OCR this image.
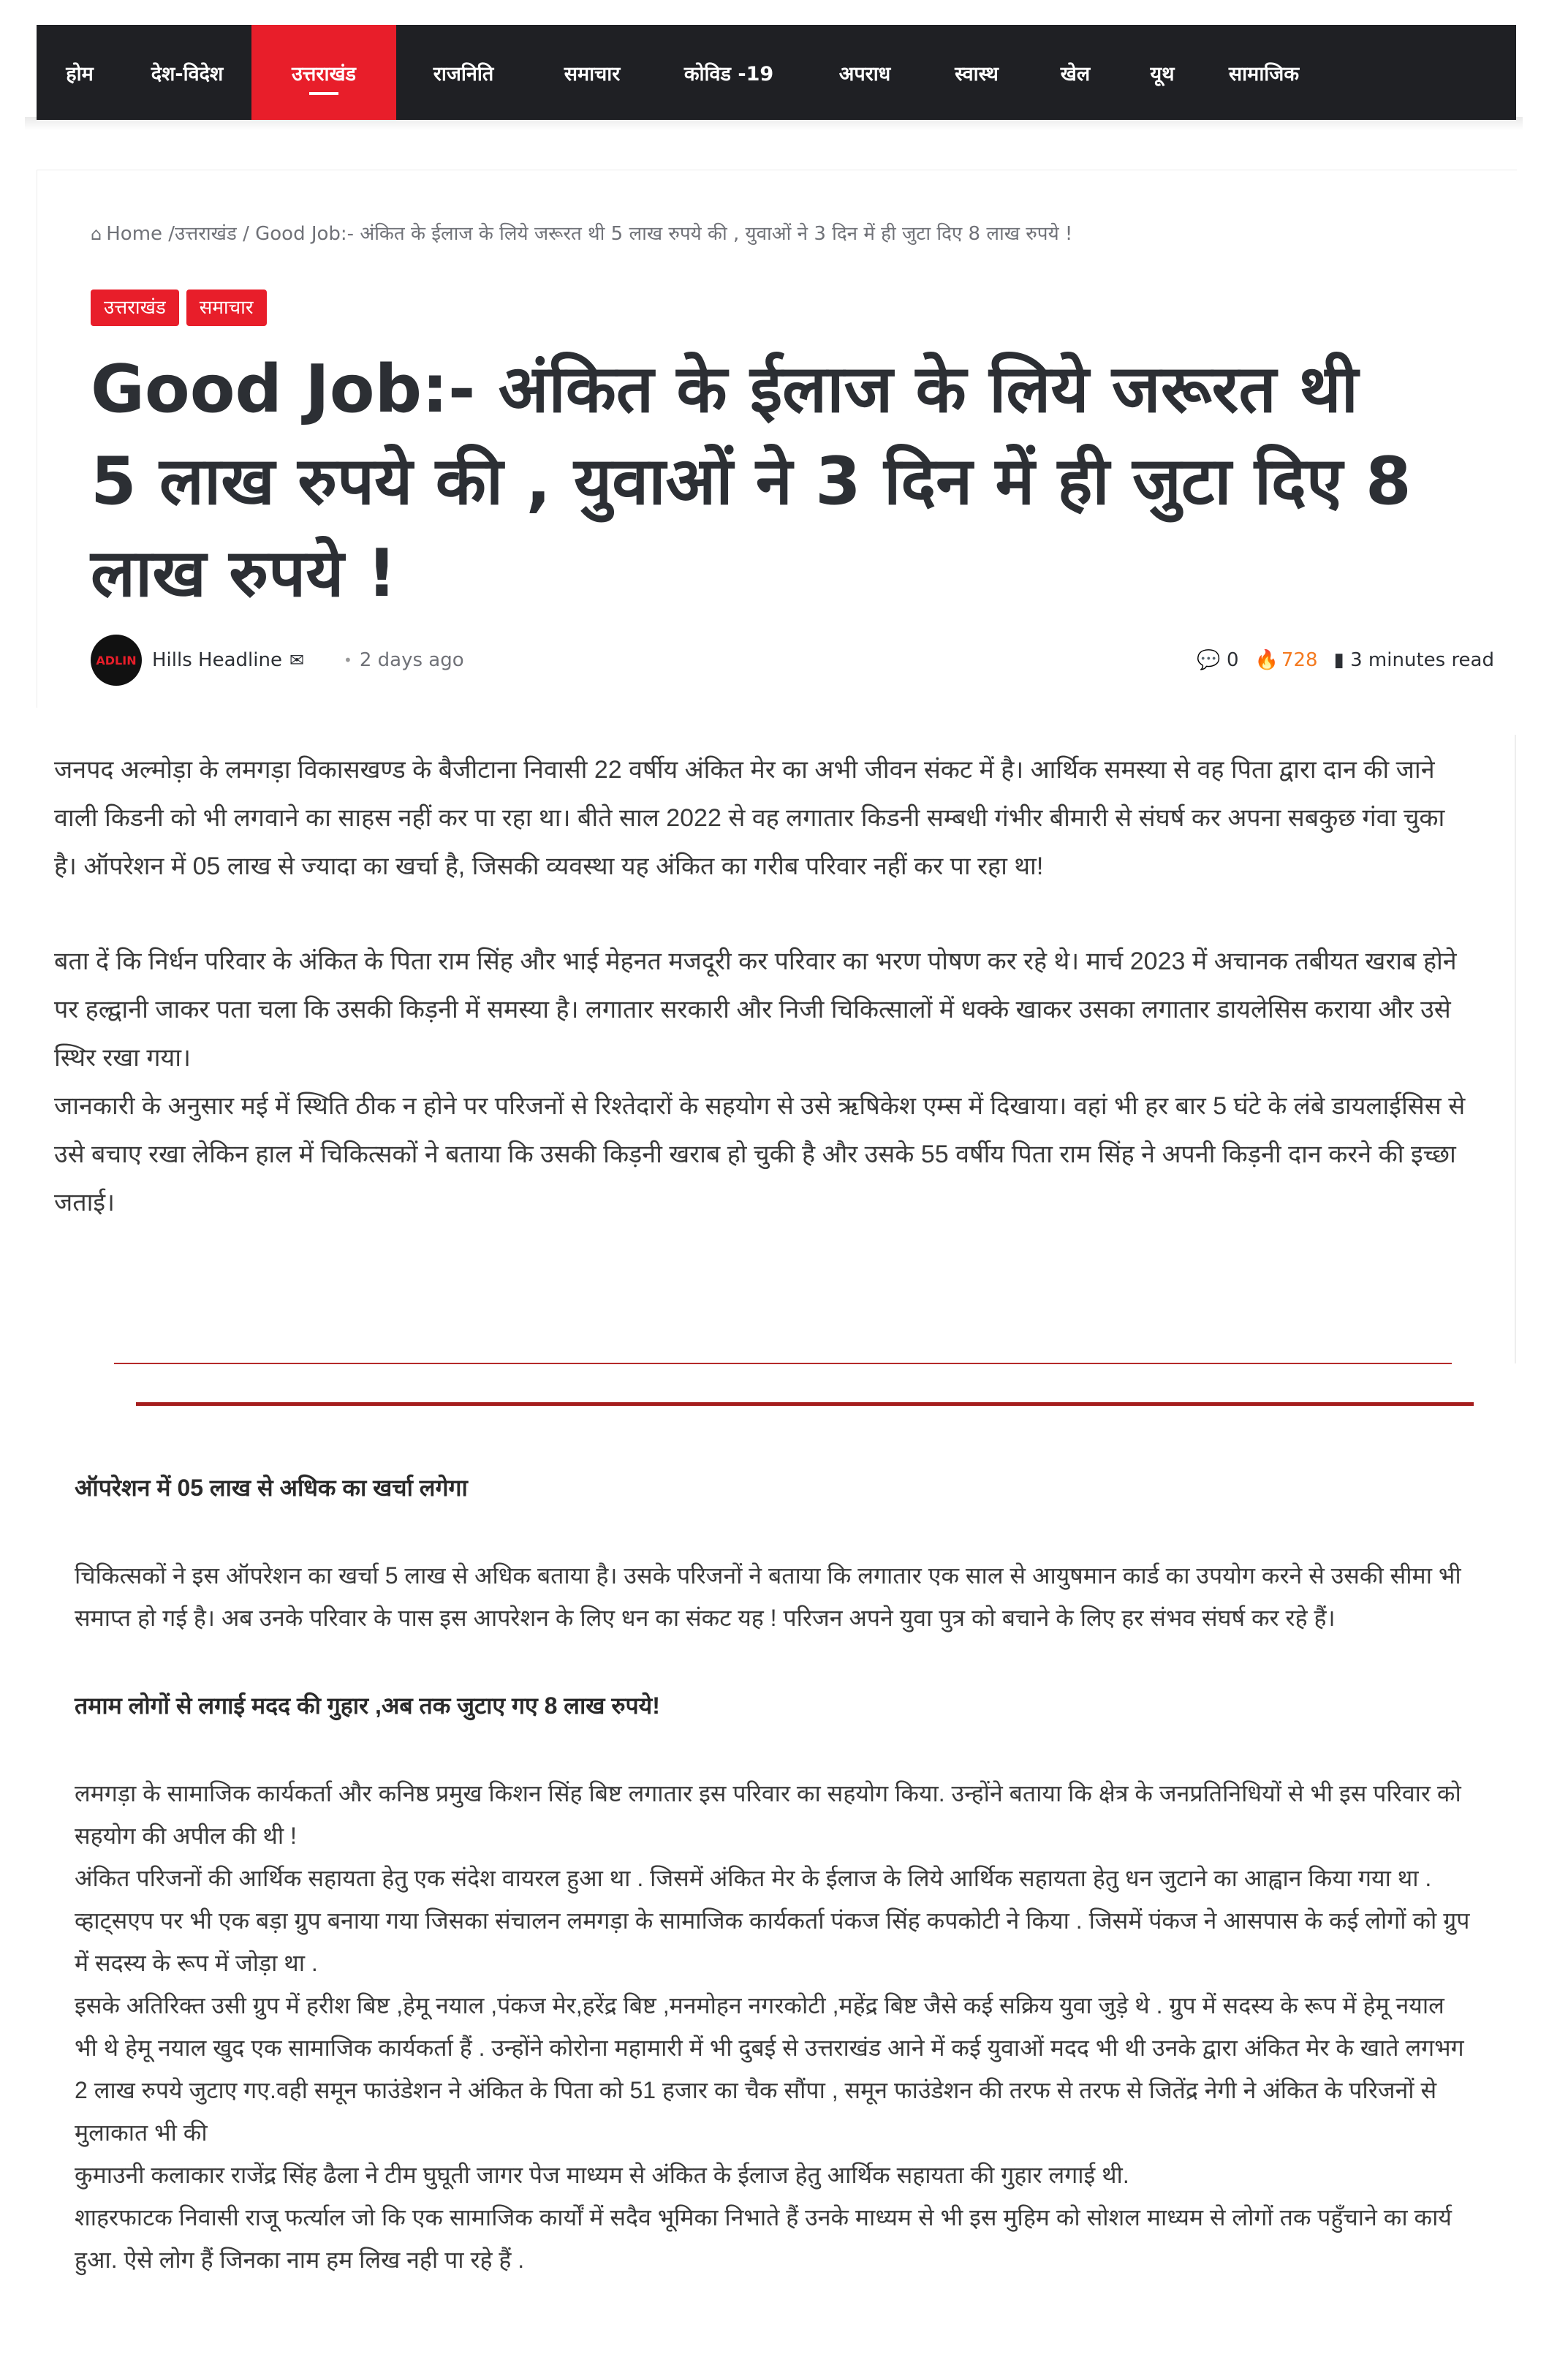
होम	देश-विदेश	उत्तराखंड	राजनिति	समाचार	कोविड -19	अपराध	स्वास्थ	खेल	यूथ	सामाजिक
⌂ Home /उत्तराखंड / Good Job:- अंकित के ईलाज के लिये जरूरत थी 5 लाख रुपये की , युवाओं ने 3 दिन में ही जुटा दिए 8 लाख रुपये !
उत्तराखंड	समाचार
Good Job:- अंकित के ईलाज के लिये जरूरत थी 5 लाख रुपये की , युवाओं ने 3 दिन में ही जुटा दिए 8 लाख रुपये !
ADLIN Hills Headline ✉	• 2 days ago	💬 0 🔥 728 ▮ 3 minutes read

जनपद अल्मोड़ा के लमगड़ा विकासखण्ड के बैजीटाना निवासी 22 वर्षीय अंकित मेर का अभी जीवन संकट में है। आर्थिक समस्या से वह पिता द्वारा दान की जाने वाली किडनी को भी लगवाने का साहस नहीं कर पा रहा था। बीते साल 2022 से वह लगातार किडनी सम्बधी गंभीर बीमारी से संघर्ष कर अपना सबकुछ गंवा चुका है। ऑपरेशन में 05 लाख से ज्यादा का खर्चा है, जिसकी व्यवस्था यह अंकित का गरीब परिवार नहीं कर पा रहा था!

बता दें कि निर्धन परिवार के अंकित के पिता राम सिंह और भाई मेहनत मजदूरी कर परिवार का भरण पोषण कर रहे थे। मार्च 2023 में अचानक तबीयत खराब होने पर हल्द्वानी जाकर पता चला कि उसकी किड़नी में समस्या है। लगातार सरकारी और निजी चिकित्सालों में धक्के खाकर उसका लगातार डायलेसिस कराया और उसे स्थिर रखा गया।

जानकारी के अनुसार मई में स्थिति ठीक न होने पर परिजनों से रिश्तेदारों के सहयोग से उसे ऋषिकेश एम्स में दिखाया। वहां भी हर बार 5 घंटे के लंबे डायलाईसिस से उसे बचाए रखा लेकिन हाल में चिकित्सकों ने बताया कि उसकी किड़नी खराब हो चुकी है और उसके 55 वर्षीय पिता राम सिंह ने अपनी किड़नी दान करने की इच्छा जताई।

ऑपरेशन में 05 लाख से अधिक का खर्चा लगेगा

चिकित्सकों ने इस ऑपरेशन का खर्चा 5 लाख से अधिक बताया है। उसके परिजनों ने बताया कि लगातार एक साल से आयुषमान कार्ड का उपयोग करने से उसकी सीमा भी समाप्त हो गई है। अब उनके परिवार के पास इस आपरेशन के लिए धन का संकट यह ! परिजन अपने युवा पुत्र को बचाने के लिए हर संभव संघर्ष कर रहे हैं।

तमाम लोगों से लगाई मदद की गुहार ,अब तक जुटाए गए 8 लाख रुपये!

लमगड़ा के सामाजिक कार्यकर्ता और कनिष्ठ प्रमुख किशन सिंह बिष्ट लगातार इस परिवार का सहयोग किया. उन्होंने बताया कि क्षेत्र के जनप्रतिनिधियों से भी इस परिवार को सहयोग की अपील की थी !

अंकित परिजनों की आर्थिक सहायता हेतु एक संदेश वायरल हुआ था . जिसमें अंकित मेर के ईलाज के लिये आर्थिक सहायता हेतु धन जुटाने का आह्वान किया गया था . व्हाट्सएप पर भी एक बड़ा ग्रुप बनाया गया जिसका संचालन लमगड़ा के सामाजिक कार्यकर्ता पंकज सिंह कपकोटी ने किया . जिसमें पंकज ने आसपास के कई लोगों को ग्रुप में सदस्य के रूप में जोड़ा था .

इसके अतिरिक्त उसी ग्रुप में हरीश बिष्ट ,हेमू नयाल ,पंकज मेर,हरेंद्र बिष्ट ,मनमोहन नगरकोटी ,महेंद्र बिष्ट जैसे कई सक्रिय युवा जुड़े थे . ग्रुप में सदस्य के रूप में हेमू नयाल भी थे हेमू नयाल खुद एक सामाजिक कार्यकर्ता हैं . उन्होंने कोरोना महामारी में भी दुबई से उत्तराखंड आने में कई युवाओं मदद भी थी उनके द्वारा अंकित मेर के खाते लगभग 2 लाख रुपये जुटाए गए.वही समून फाउंडेशन ने अंकित के पिता को 51 हजार का चैक सौंपा , समून फाउंडेशन की तरफ से तरफ से जितेंद्र नेगी ने अंकित के परिजनों से मुलाकात भी की

कुमाउनी कलाकार राजेंद्र सिंह ढैला ने टीम घुघूती जागर पेज माध्यम से अंकित के ईलाज हेतु आर्थिक सहायता की गुहार लगाई थी.

शाहरफाटक निवासी राजू फर्त्याल जो कि एक सामाजिक कार्यों में सदैव भूमिका निभाते हैं उनके माध्यम से भी इस मुहिम को सोशल माध्यम से लोगों तक पहुँचाने का कार्य हुआ. ऐसे लोग हैं जिनका नाम हम लिख नही पा रहे हैं .
